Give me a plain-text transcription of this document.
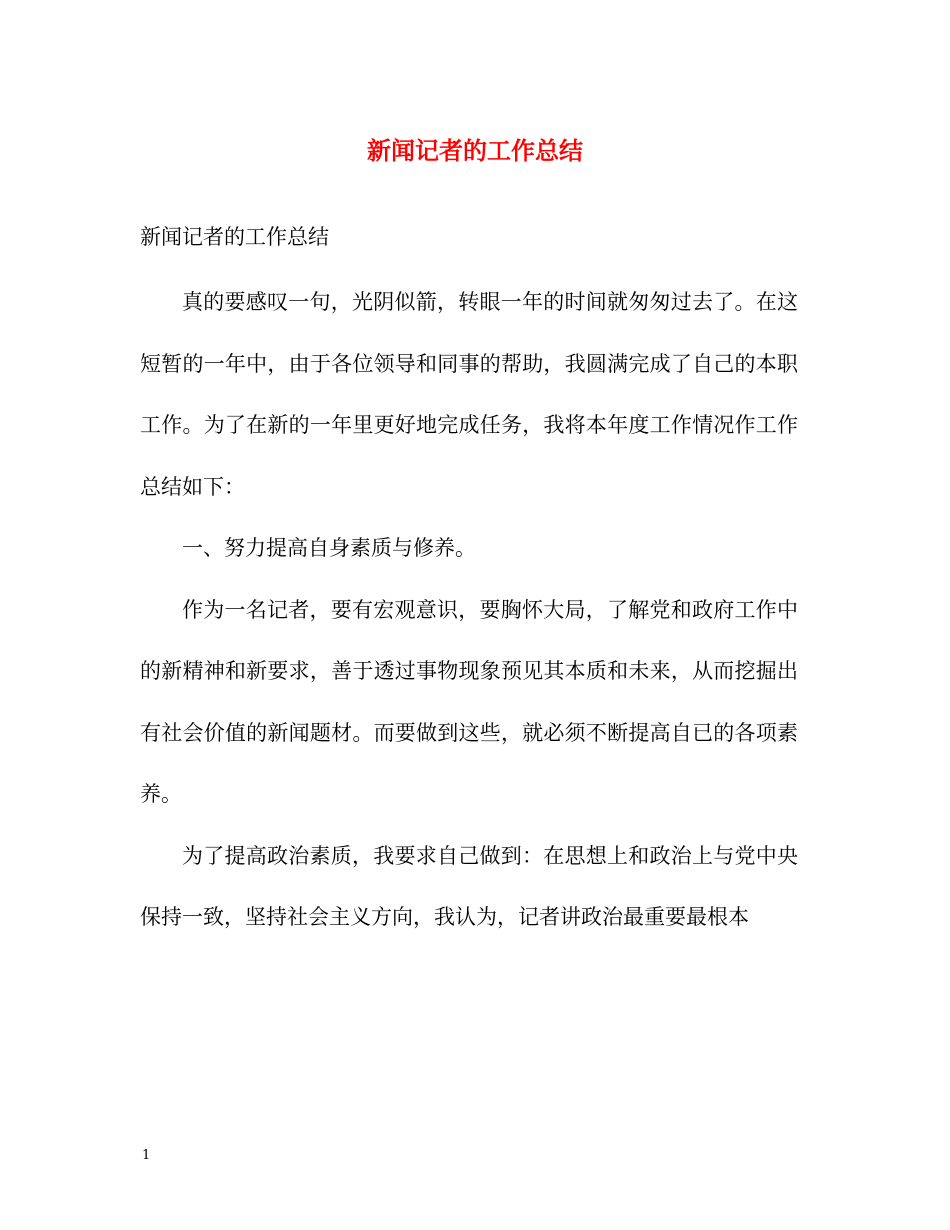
新闻记者的工作总结

新闻记者的工作总结

真的要感叹一句，光阴似箭，转眼一年的时间就匆匆过去了。在这短暂的一年中，由于各位领导和同事的帮助，我圆满完成了自己的本职工作。为了在新的一年里更好地完成任务，我将本年度工作情况作工作总结如下：

一、努力提高自身素质与修养。

作为一名记者，要有宏观意识，要胸怀大局，了解党和政府工作中的新精神和新要求，善于透过事物现象预见其本质和未来，从而挖掘出有社会价值的新闻题材。而要做到这些，就必须不断提高自已的各项素养。

为了提高政治素质，我要求自己做到：在思想上和政治上与党中央保持一致，坚持社会主义方向，我认为，记者讲政治最重要最根本

1
